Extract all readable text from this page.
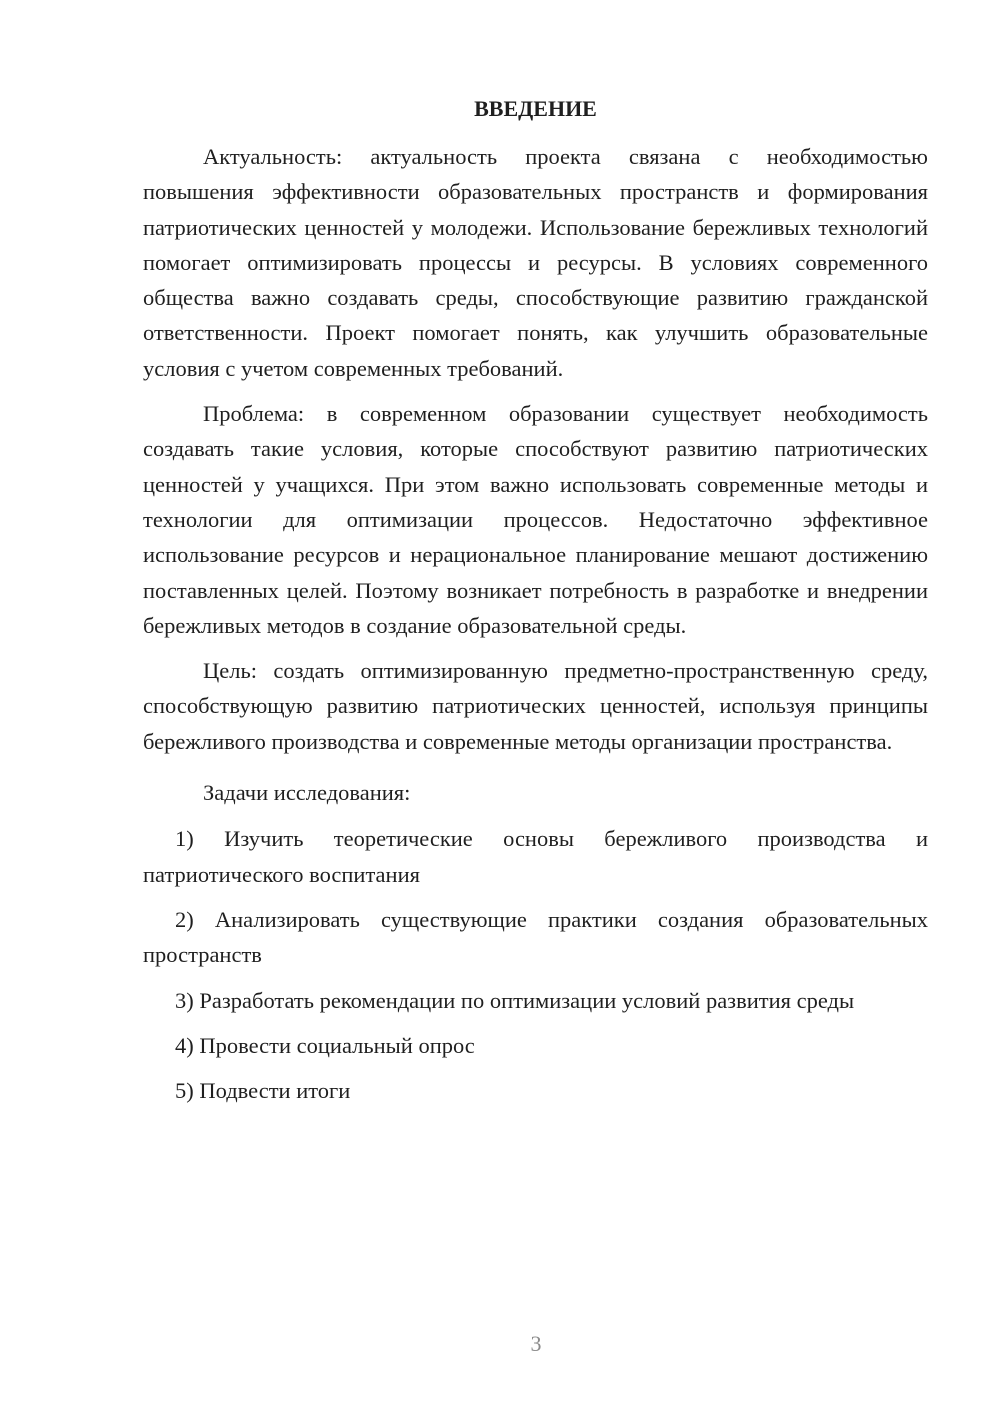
ВВЕДЕНИЕ

Актуальность: актуальность проекта связана с необходимостью повышения эффективности образовательных пространств и формирования патриотических ценностей у молодежи. Использование бережливых технологий помогает оптимизировать процессы и ресурсы. В условиях современного общества важно создавать среды, способствующие развитию гражданской ответственности. Проект помогает понять, как улучшить образовательные условия с учетом современных требований.

Проблема: в современном образовании существует необходимость создавать такие условия, которые способствуют развитию патриотических ценностей у учащихся. При этом важно использовать современные методы и технологии для оптимизации процессов. Недостаточно эффективное использование ресурсов и нерациональное планирование мешают достижению поставленных целей. Поэтому возникает потребность в разработке и внедрении бережливых методов в создание образовательной среды.

Цель: создать оптимизированную предметно-пространственную среду, способствующую развитию патриотических ценностей, используя принципы бережливого производства и современные методы организации пространства.

Задачи исследования:

1) Изучить теоретические основы бережливого производства и патриотического воспитания

2) Анализировать существующие практики создания образовательных пространств

3) Разработать рекомендации по оптимизации условий развития среды

4) Провести социальный опрос

5) Подвести итоги

3
